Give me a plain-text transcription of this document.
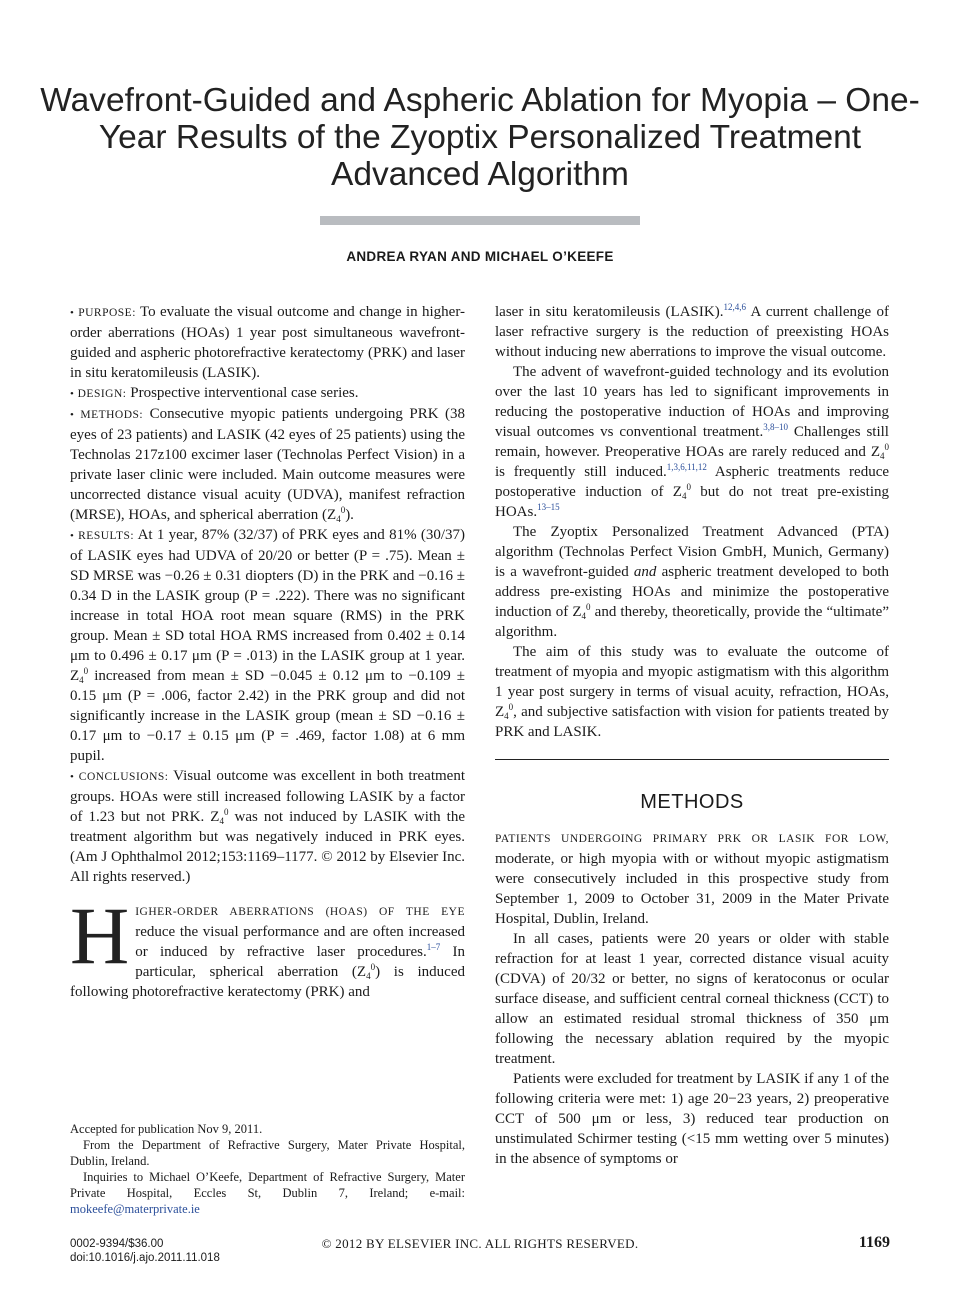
Wavefront-Guided and Aspheric Ablation for Myopia – One-Year Results of the Zyoptix Personalized Treatment Advanced Algorithm
ANDREA RYAN AND MICHAEL O’KEEFE

• PURPOSE: To evaluate the visual outcome and change in higher-order aberrations (HOAs) 1 year post simultaneous wavefront-guided and aspheric photorefractive keratectomy (PRK) and laser in situ keratomileusis (LASIK).

• DESIGN: Prospective interventional case series.

• METHODS: Consecutive myopic patients undergoing PRK (38 eyes of 23 patients) and LASIK (42 eyes of 25 patients) using the Technolas 217z100 excimer laser (Technolas Perfect Vision) in a private laser clinic were included. Main outcome measures were uncorrected distance visual acuity (UDVA), manifest refraction (MRSE), HOAs, and spherical aberration $(Z_4^0)$.

• RESULTS: At 1 year, 87% (32/37) of PRK eyes and 81% (30/37) of LASIK eyes had UDVA of 20/20 or better (P = .75). Mean ± SD MRSE was −0.26 ± 0.31 diopters (D) in the PRK and −0.16 ± 0.34 D in the LASIK group (P = .222). There was no significant increase in total HOA root mean square (RMS) in the PRK group. Mean ± SD total HOA RMS increased from 0.402 ± 0.14 μm to 0.496 ± 0.17 μm (P = .013) in the LASIK group at 1 year. $Z_4^0$ increased from mean ± SD −0.045 ± 0.12 μm to −0.109 ± 0.15 μm (P = .006, factor 2.42) in the PRK group and did not significantly increase in the LASIK group (mean ± SD −0.16 ± 0.17 μm to −0.17 ± 0.15 μm (P = .469, factor 1.08) at 6 mm pupil.

• CONCLUSIONS: Visual outcome was excellent in both treatment groups. HOAs were still increased following LASIK by a factor of 1.23 but not PRK. $Z_4^0$ was not induced by LASIK with the treatment algorithm but was negatively induced in PRK eyes. (Am J Ophthalmol 2012;153:1169–1177. © 2012 by Elsevier Inc. All rights reserved.)

HIGHER-ORDER ABERRATIONS (HOAS) OF THE EYE reduce the visual performance and are often increased or induced by refractive laser procedures.$^{1-7}$ In particular, spherical aberration $(Z_4^0)$ is induced following photorefractive keratectomy (PRK) and

Accepted for publication Nov 9, 2011.

From the Department of Refractive Surgery, Mater Private Hospital, Dublin, Ireland.

Inquiries to Michael O’Keefe, Department of Refractive Surgery, Mater Private Hospital, Eccles St, Dublin 7, Ireland; e-mail: mokeefe@materprivate.ie

laser in situ keratomileusis (LASIK).$^{12,4,6}$ A current challenge of laser refractive surgery is the reduction of preexisting HOAs without inducing new aberrations to improve the visual outcome.

The advent of wavefront-guided technology and its evolution over the last 10 years has led to significant improvements in reducing the postoperative induction of HOAs and improving visual outcomes vs conventional treatment.$^{3,8-10}$ Challenges still remain, however. Preoperative HOAs are rarely reduced and $Z_4^0$ is frequently still induced.$^{1,3,6,11,12}$ Aspheric treatments reduce postoperative induction of $Z_4^0$ but do not treat pre-existing HOAs.$^{13-15}$

The Zyoptix Personalized Treatment Advanced (PTA) algorithm (Technolas Perfect Vision GmbH, Munich, Germany) is a wavefront-guided and aspheric treatment developed to both address pre-existing HOAs and minimize the postoperative induction of $Z_4^0$ and thereby, theoretically, provide the “ultimate” algorithm.

The aim of this study was to evaluate the outcome of treatment of myopia and myopic astigmatism with this algorithm 1 year post surgery in terms of visual acuity, refraction, HOAs, $Z_4^0$, and subjective satisfaction with vision for patients treated by PRK and LASIK.

METHODS

PATIENTS UNDERGOING PRIMARY PRK OR LASIK FOR LOW, moderate, or high myopia with or without myopic astigmatism were consecutively included in this prospective study from September 1, 2009 to October 31, 2009 in the Mater Private Hospital, Dublin, Ireland.

In all cases, patients were 20 years or older with stable refraction for at least 1 year, corrected distance visual acuity (CDVA) of 20/32 or better, no signs of keratoconus or ocular surface disease, and sufficient central corneal thickness (CCT) to allow an estimated residual stromal thickness of 350 μm following the necessary ablation required by the myopic treatment.

Patients were excluded for treatment by LASIK if any 1 of the following criteria were met: 1) age 20−23 years, 2) preoperative CCT of 500 μm or less, 3) reduced tear production on unstimulated Schirmer testing (<15 mm wetting over 5 minutes) in the absence of symptoms or

0002-9394/$36.00
doi:10.1016/j.ajo.2011.11.018
© 2012 BY ELSEVIER INC. ALL RIGHTS RESERVED.	1169
